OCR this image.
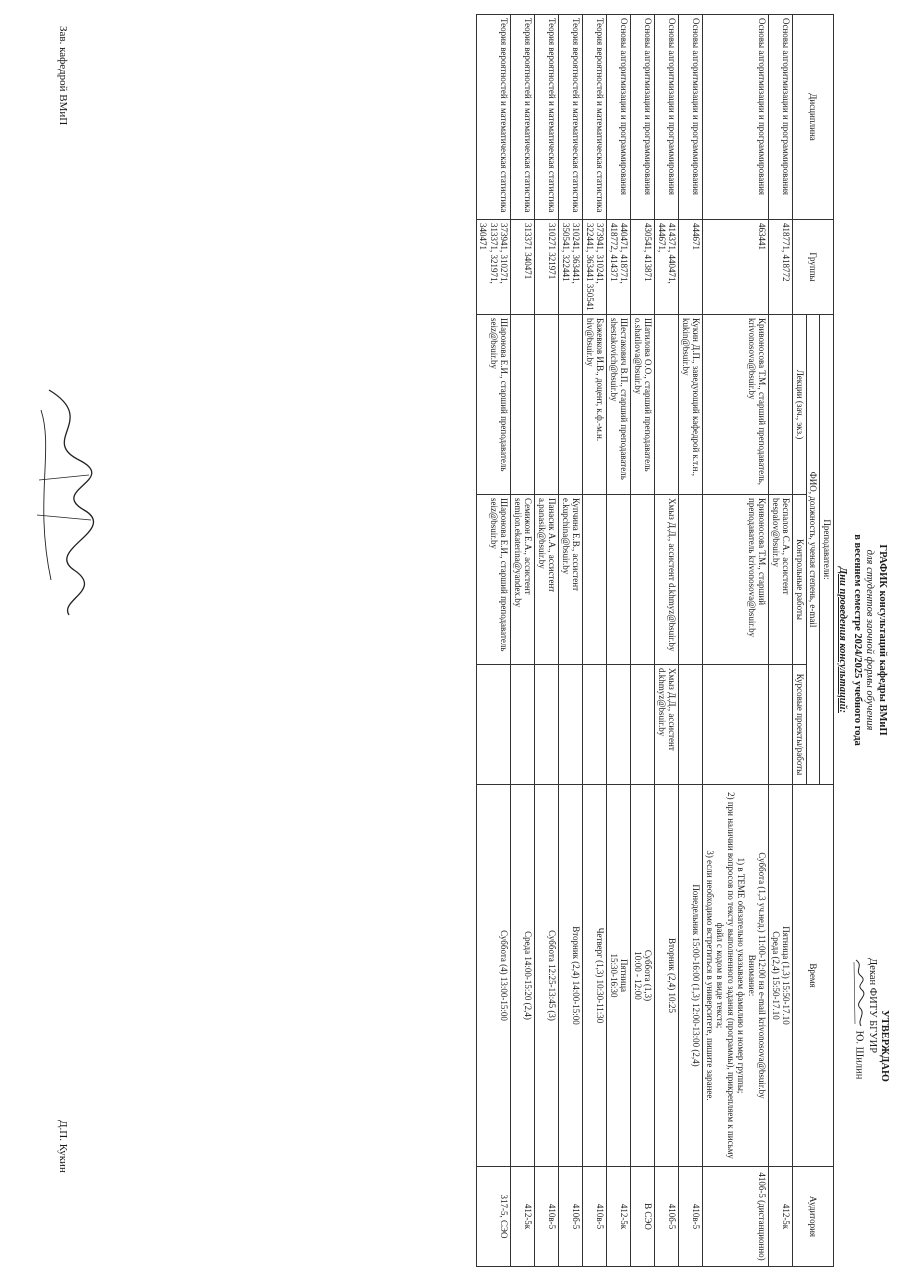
УТВЕРЖДАЮ
Декан ФИТУ БГУИР
Ю. Шилин
ГРАФИК консультаций кафедры ВМиП
для студентов заочной формы обучения
в весеннем семестре 2024/2025 учебного года
Дни проведения консультаций:
Дисциплина	Группы	Преподаватели:			Время	Аудитория
		ФИО, должность, ученая степень, e-mail				
		Лекции (зач., экз.)	Контрольные работы	Курсовые проекты/работы		
Основы алгоритмизации и программирования	418771, 418772		Беспалов С.А., ассистент bespalov@bsuir.by		Пятница (1,3) 15:50-17.10
Среда (2,4) 15:50-17.10	412-5к
Основы алгоритмизации и программирования	463441	Кривоносова Т.М., старший преподаватель, krivonosova@bsuir.by	Кривоносова Т.М., старший преподаватель krivonosova@bsuir.by		Суббота (1,3 уч.нед.) 11:00-12:00 на e-mail krivonosova@bsuir.by
Внимание:
1) в ТЕМЕ обязательно указываем фамилию и номер группы;
2) при наличии вопросов по тексту выполненного задания (программы), прикрепляем к письму файл с кодом в виде текста;
3) если необходимо встретиться в университете, пишите заранее.	410б-5 (дистанционно)
Основы алгоритмизации и программирования	444671	Кукин Д.П., заведующий кафедрой к.т.н., kukin@bsuir.by			Понедельник 15:00-16:00 (1,3) 12:00-13:00 (2,4)	410в-5
Основы алгоритмизации и программирования	414371, 440471, 444671,		Хмыз Д.Д., ассистент d.khmyz@bsuir.by	Хмыз Д.Д., ассистент d.khmyz@bsuir.by	Вторник (2,4) 10:25	410б-5
Основы алгоритмизации и программирования	430541, 413871	Шатилова О.О., старший преподаватель o.shatilova@bsuir.by			Суббота (1,3)
10:00 - 12:00	В СЭО
Основы алгоритмизации и программирования	440471, 418771, 418772, 414371	Шестакович В.П., старший преподаватель shestakovich@bsuir.by			Пятница
15:30-16:30	412-5к
Теория вероятностей и математическая статистика	373941, 310241, 322441, 363441 350541	Бажевков И.В., доцент, к.ф.-м.н. biv@bsuir.by			Четверг (1,3) 10:30-11:30	410в-5
Теория вероятностей и математическая статистика	310241, 363441, 350541, 322441		Купчина Е.В., ассистент e.kupchina@bsuir.by		Вторник (2,4) 14:00-15:00	410б-5
Теория вероятностей и математическая статистика	310271 321971		Панасик А.А., ассистент a.panasik@bsuir.by		Суббота 12:25-13:45 (3)	410в-5
Теория вероятностей и математическая статистика	313371 340471		Семижон Е.А., ассистент semijon.ekaterina@yandex.by		Среда 14:00-15:20 (2,4)	412-5к
Теория вероятностей и математическая статистика	373941, 310271, 313371, 321971, 340471	Шаронова Е.И., старший преподаватель seiz@bsuir.by	Шаронова Е.И., старший преподаватель seiz@bsuir.by		Суббота (4) 13:00-15:00	317-5, СЭО
Зав. кафедрой ВМиП
Д.П. Кукин
